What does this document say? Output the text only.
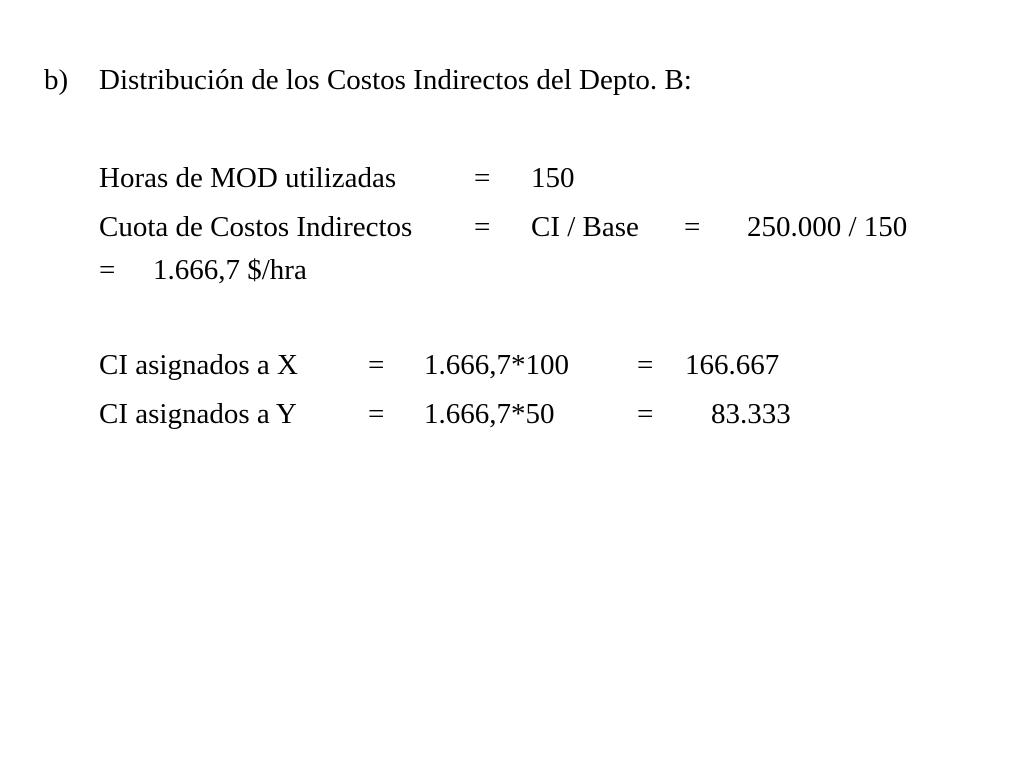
b) Distribución de los Costos Indirectos del Depto. B:
Horas de MOD utilizadas	= 150
Cuota de Costos Indirectos = CI / Base = 250.000 / 150
= 1.666,7 $/hra
CI asignados a X = 1.666,7*100 = 166.667
CI asignados a Y = 1.666,7*50	= 83.333
